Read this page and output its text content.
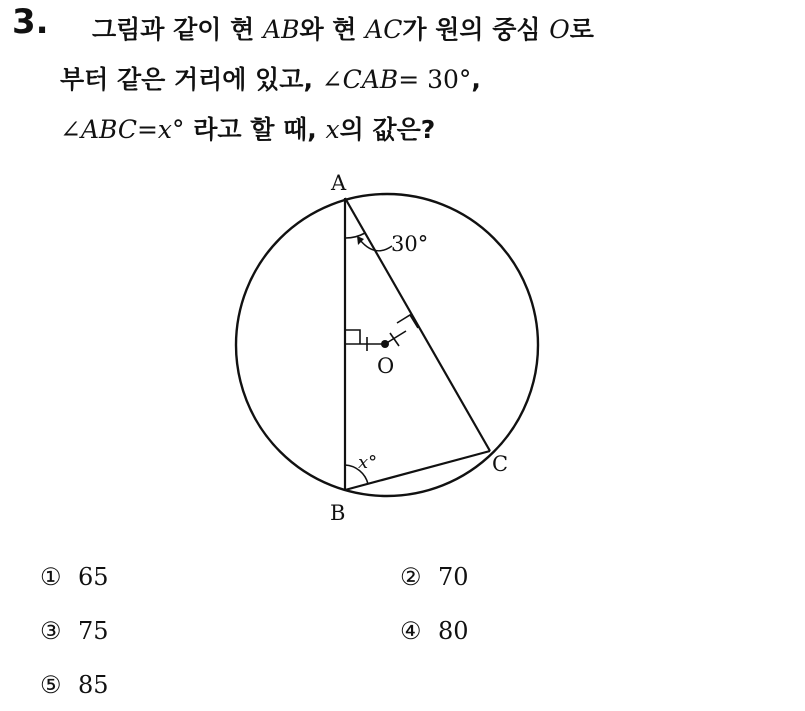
3. 그림과 같이 현 AB와 현 AC가 원의 중심 O로
부터 같은 거리에 있고, ∠CAB= 30°,
∠ABC=x° 라고 할 때, x의 값은?
A
B
C
O
30°
x°
① 65	② 70
③ 75	④ 80
⑤ 85
